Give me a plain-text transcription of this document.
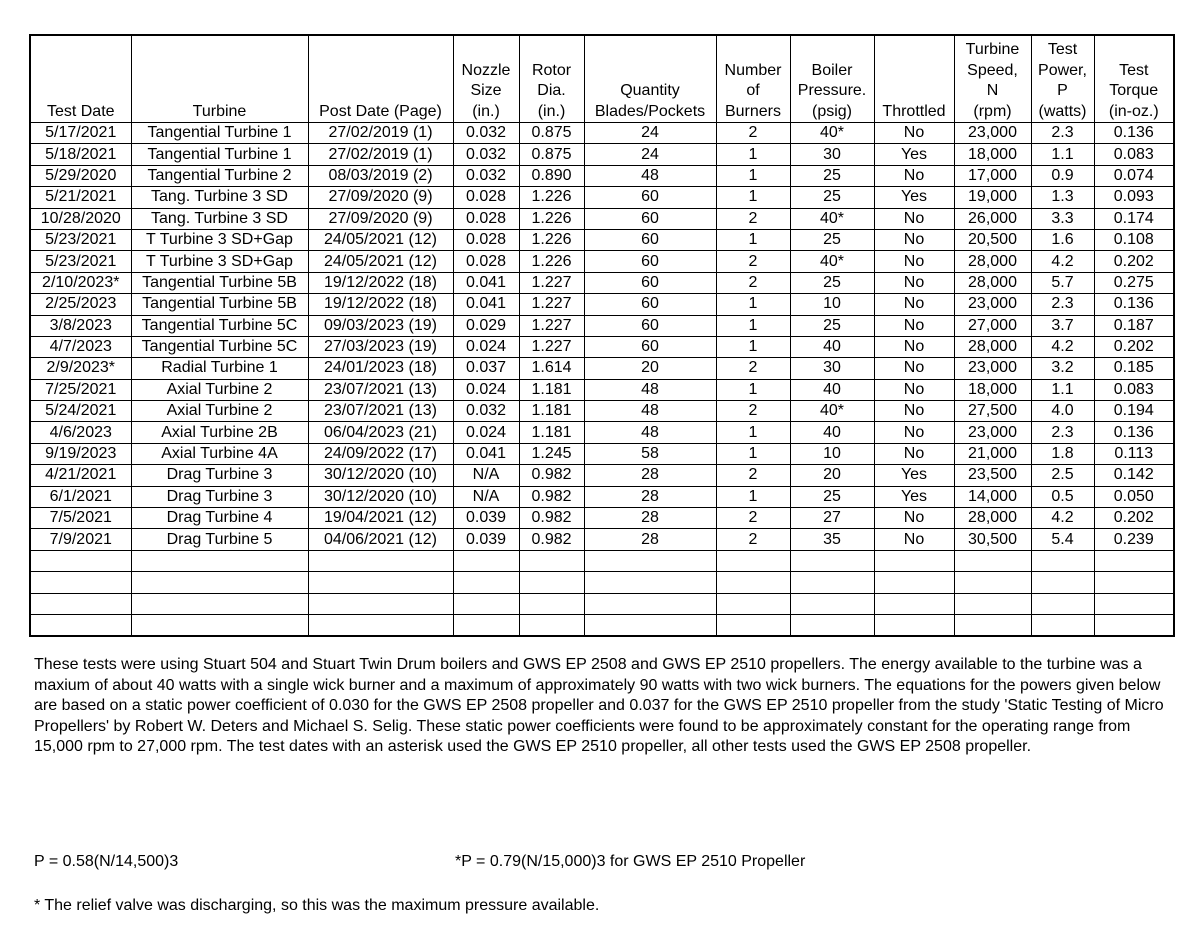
Test Date	Turbine	Post Date (Page)	Nozzle
Size
(in.)	Rotor
Dia.
(in.)	Quantity
Blades/Pockets	Number
of
Burners	Boiler
Pressure.
(psig)	Throttled	Turbine
Speed,
N
(rpm)	Test
Power,
P
(watts)	Test
Torque
(in-oz.)

5/17/2021	Tangential Turbine 1	27/02/2019 (1)	0.032	0.875	24	2	40*	No	23,000	2.3	0.136
5/18/2021	Tangential Turbine 1	27/02/2019 (1)	0.032	0.875	24	1	30	Yes	18,000	1.1	0.083
5/29/2020	Tangential Turbine 2	08/03/2019 (2)	0.032	0.890	48	1	25	No	17,000	0.9	0.074
5/21/2021	Tang. Turbine 3 SD	27/09/2020 (9)	0.028	1.226	60	1	25	Yes	19,000	1.3	0.093
10/28/2020	Tang. Turbine 3 SD	27/09/2020 (9)	0.028	1.226	60	2	40*	No	26,000	3.3	0.174
5/23/2021	T Turbine 3 SD+Gap	24/05/2021 (12)	0.028	1.226	60	1	25	No	20,500	1.6	0.108
5/23/2021	T Turbine 3 SD+Gap	24/05/2021 (12)	0.028	1.226	60	2	40*	No	28,000	4.2	0.202
2/10/2023*	Tangential Turbine 5B	19/12/2022 (18)	0.041	1.227	60	2	25	No	28,000	5.7	0.275
2/25/2023	Tangential Turbine 5B	19/12/2022 (18)	0.041	1.227	60	1	10	No	23,000	2.3	0.136
3/8/2023	Tangential Turbine 5C	09/03/2023 (19)	0.029	1.227	60	1	25	No	27,000	3.7	0.187
4/7/2023	Tangential Turbine 5C	27/03/2023 (19)	0.024	1.227	60	1	40	No	28,000	4.2	0.202
2/9/2023*	Radial Turbine 1	24/01/2023 (18)	0.037	1.614	20	2	30	No	23,000	3.2	0.185
7/25/2021	Axial Turbine 2	23/07/2021 (13)	0.024	1.181	48	1	40	No	18,000	1.1	0.083
5/24/2021	Axial Turbine 2	23/07/2021 (13)	0.032	1.181	48	2	40*	No	27,500	4.0	0.194
4/6/2023	Axial Turbine 2B	06/04/2023 (21)	0.024	1.181	48	1	40	No	23,000	2.3	0.136
9/19/2023	Axial Turbine 4A	24/09/2022 (17)	0.041	1.245	58	1	10	No	21,000	1.8	0.113
4/21/2021	Drag Turbine 3	30/12/2020 (10)	N/A	0.982	28	2	20	Yes	23,500	2.5	0.142
6/1/2021	Drag Turbine 3	30/12/2020 (10)	N/A	0.982	28	1	25	Yes	14,000	0.5	0.050
7/5/2021	Drag Turbine 4	19/04/2021 (12)	0.039	0.982	28	2	27	No	28,000	4.2	0.202
7/9/2021	Drag Turbine 5	04/06/2021 (12)	0.039	0.982	28	2	35	No	30,500	5.4	0.239

These tests were using Stuart 504 and Stuart Twin Drum boilers and GWS EP 2508 and GWS EP 2510 propellers. The energy available to the turbine was a maxium of about 40 watts with a single wick burner and a maximum of approximately 90 watts with two wick burners. The equations for the powers given below are based on a static power coefficient of 0.030 for the GWS EP 2508 propeller and 0.037 for the GWS EP 2510 propeller from the study 'Static Testing of Micro Propellers' by Robert W. Deters and Michael S. Selig. These static power coefficients were found to be approximately constant for the operating range from 15,000 rpm to 27,000 rpm. The test dates with an asterisk used the GWS EP 2510 propeller, all other tests used the GWS EP 2508 propeller.

P = 0.58(N/14,500)3	*P = 0.79(N/15,000)3 for GWS EP 2510 Propeller
* The relief valve was discharging, so this was the maximum pressure available.
